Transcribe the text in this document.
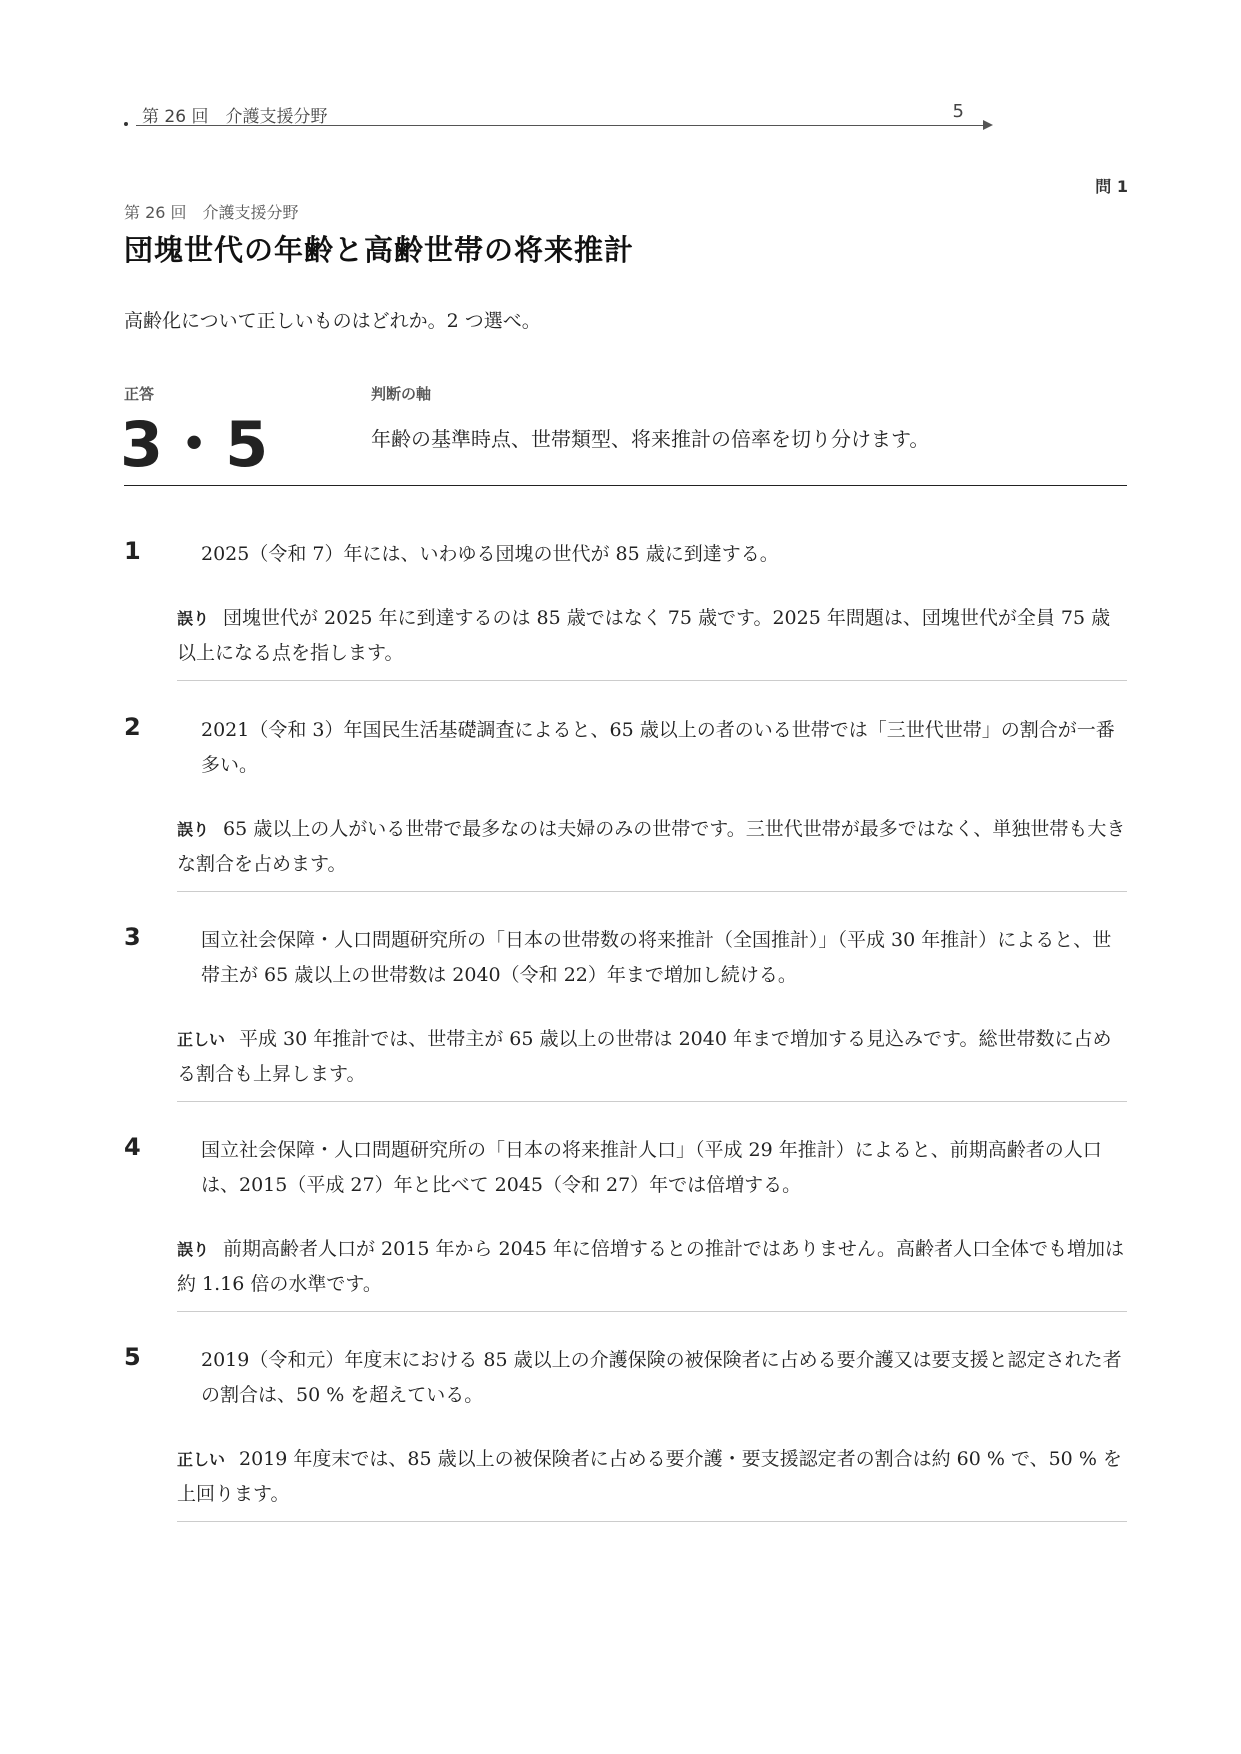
第 26 回　介護支援分野	5
問 1
第 26 回　介護支援分野
団塊世代の年齢と高齢世帯の将来推計

高齢化について正しいものはどれか。2 つ選べ。

正答
3・5
判断の軸
年齢の基準時点、世帯類型、将来推計の倍率を切り分けます。
1	2025（令和 7）年には、いわゆる団塊の世代が 85 歳に到達する。

誤り 団塊世代が 2025 年に到達するのは 85 歳ではなく 75 歳です。2025 年問題は、団塊世代が全員 75 歳以上になる点を指します。

2	2021（令和 3）年国民生活基礎調査によると、65 歳以上の者のいる世帯では「三世代世帯」の割合が一番多い。

誤り 65 歳以上の人がいる世帯で最多なのは夫婦のみの世帯です。三世代世帯が最多ではなく、単独世帯も大きな割合を占めます。

3	国立社会保障・人口問題研究所の「日本の世帯数の将来推計（全国推計）」（平成 30 年推計）によると、世帯主が 65 歳以上の世帯数は 2040（令和 22）年まで増加し続ける。

正しい 平成 30 年推計では、世帯主が 65 歳以上の世帯は 2040 年まで増加する見込みです。総世帯数に占める割合も上昇します。

4	国立社会保障・人口問題研究所の「日本の将来推計人口」（平成 29 年推計）によると、前期高齢者の人口は、2015（平成 27）年と比べて 2045（令和 27）年では倍増する。

誤り 前期高齢者人口が 2015 年から 2045 年に倍増するとの推計ではありません。高齢者人口全体でも増加は約 1.16 倍の水準です。

5	2019（令和元）年度末における 85 歳以上の介護保険の被保険者に占める要介護又は要支援と認定された者の割合は、50 % を超えている。

正しい 2019 年度末では、85 歳以上の被保険者に占める要介護・要支援認定者の割合は約 60 % で、50 % を上回ります。
